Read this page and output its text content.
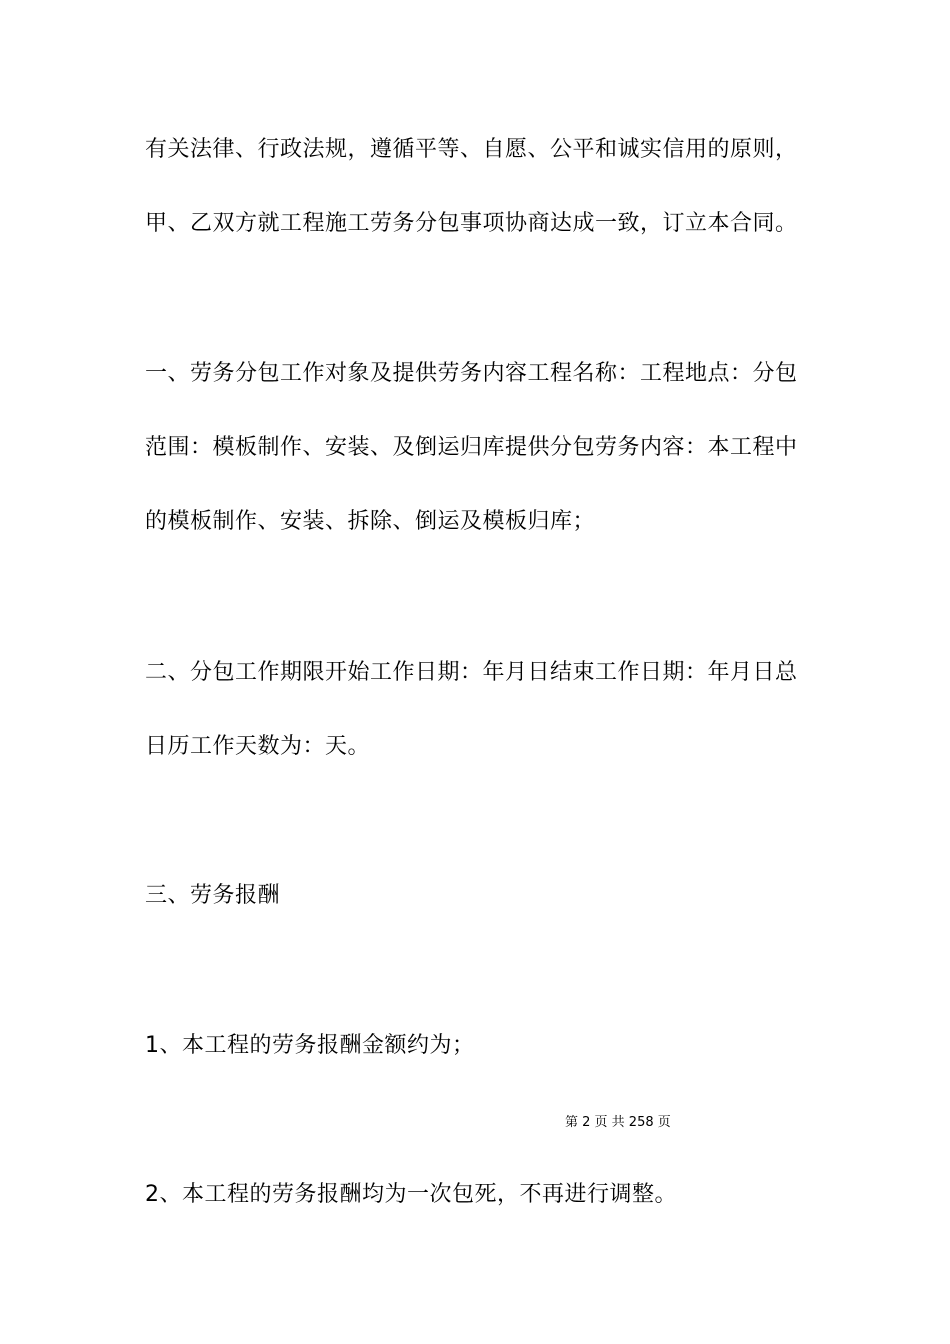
有关法律、行政法规，遵循平等、自愿、公平和诚实信用的原则，
甲、乙双方就工程施工劳务分包事项协商达成一致，订立本合同。
一、劳务分包工作对象及提供劳务内容工程名称：工程地点：分包
范围：模板制作、安装、及倒运归库提供分包劳务内容：本工程中
的模板制作、安装、拆除、倒运及模板归库；
二、分包工作期限开始工作日期：年月日结束工作日期：年月日总
日历工作天数为：天。
三、劳务报酬
1、本工程的劳务报酬金额约为；
第 2 页 共 258 页
2、本工程的劳务报酬均为一次包死，不再进行调整。
